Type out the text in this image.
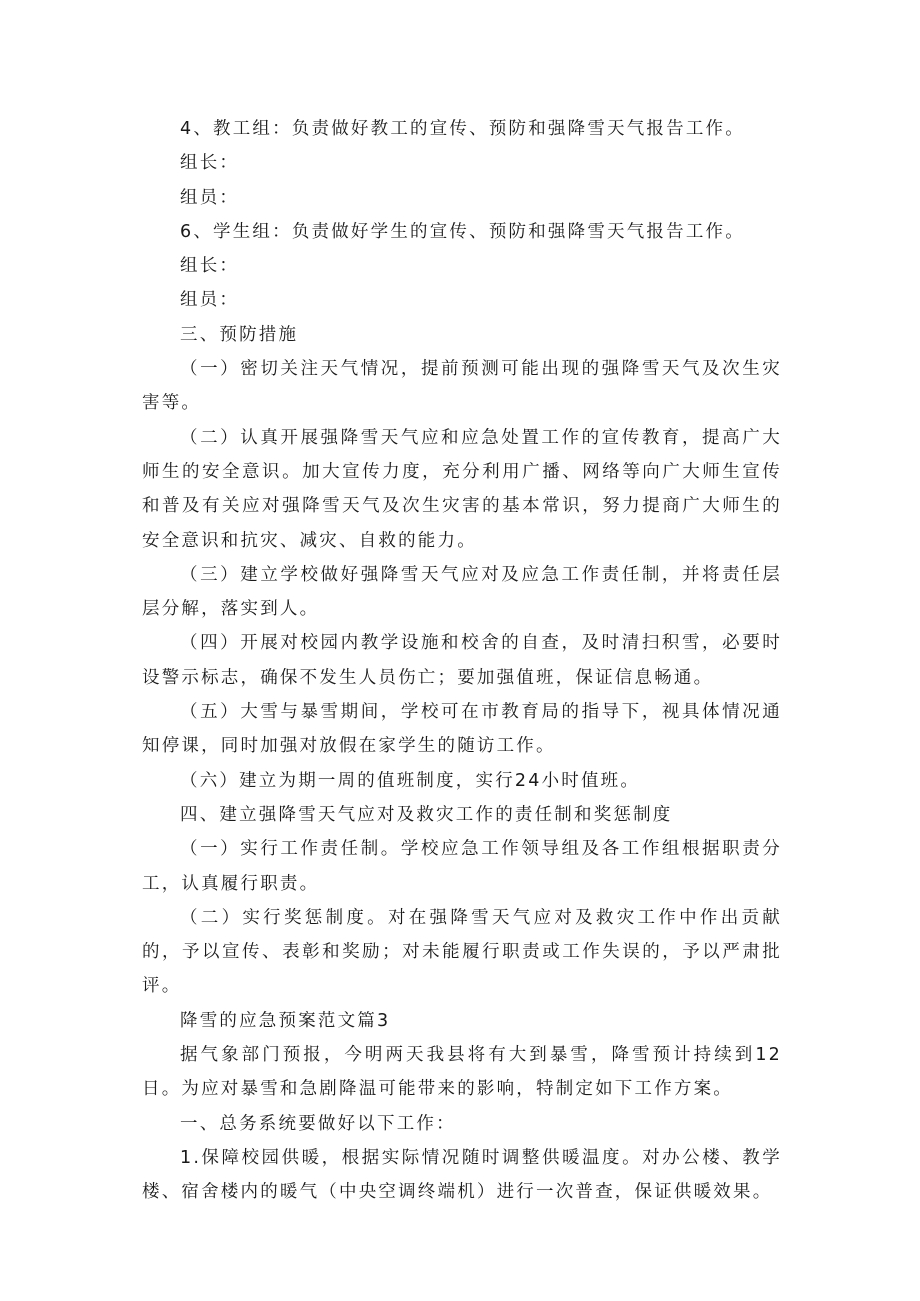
4、教工组：负责做好教工的宣传、预防和强降雪天气报告工作。

组长：

组员：

6、学生组：负责做好学生的宣传、预防和强降雪天气报告工作。

组长：

组员：

三、预防措施

（一）密切关注天气情况，提前预测可能出现的强降雪天气及次生灾害等。

（二）认真开展强降雪天气应和应急处置工作的宣传教育，提高广大师生的安全意识。加大宣传力度，充分利用广播、网络等向广大师生宣传和普及有关应对强降雪天气及次生灾害的基本常识，努力提商广大师生的安全意识和抗灾、减灾、自救的能力。

（三）建立学校做好强降雪天气应对及应急工作责任制，并将责任层层分解，落实到人。

（四）开展对校园内教学设施和校舍的自查，及时清扫积雪，必要时设警示标志，确保不发生人员伤亡；要加强值班，保证信息畅通。

（五）大雪与暴雪期间，学校可在市教育局的指导下，视具体情况通知停课，同时加强对放假在家学生的随访工作。

（六）建立为期一周的值班制度，实行24小时值班。

四、建立强降雪天气应对及救灾工作的责任制和奖惩制度

（一）实行工作责任制。学校应急工作领导组及各工作组根据职责分工，认真履行职责。

（二）实行奖惩制度。对在强降雪天气应对及救灾工作中作出贡献的，予以宣传、表彰和奖励；对未能履行职责或工作失误的，予以严肃批评。

降雪的应急预案范文篇3

据气象部门预报，今明两天我县将有大到暴雪，降雪预计持续到12日。为应对暴雪和急剧降温可能带来的影响，特制定如下工作方案。

一、总务系统要做好以下工作：

1.保障校园供暖，根据实际情况随时调整供暖温度。对办公楼、教学楼、宿舍楼内的暖气（中央空调终端机）进行一次普查，保证供暖效果。
